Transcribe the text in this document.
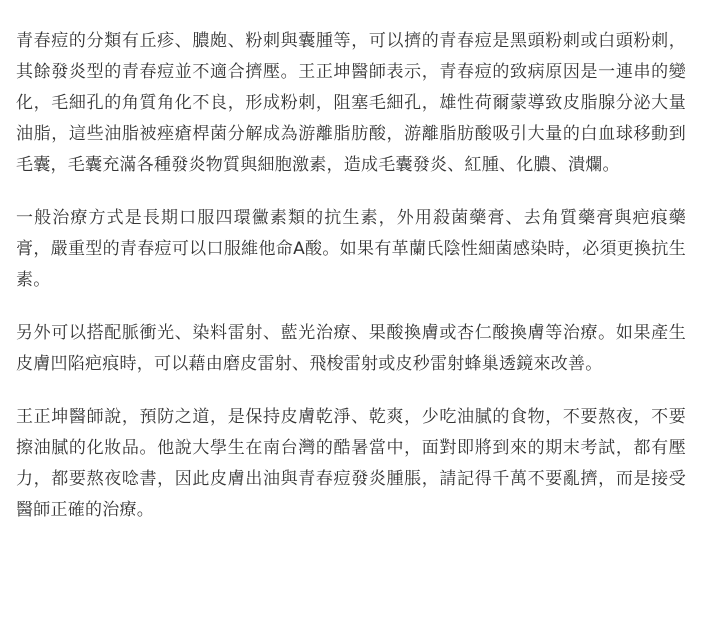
青春痘的分類有丘疹、膿皰、粉刺與囊腫等，可以擠的青春痘是黑頭粉刺或白頭粉刺，其餘發炎型的青春痘並不適合擠壓。王正坤醫師表示，青春痘的致病原因是一連串的變化，毛細孔的角質角化不良，形成粉刺，阻塞毛細孔，雄性荷爾蒙導致皮脂腺分泌大量油脂，這些油脂被痤瘡桿菌分解成為游離脂肪酸，游離脂肪酸吸引大量的白血球移動到毛囊，毛囊充滿各種發炎物質與細胞激素，造成毛囊發炎、紅腫、化膿、潰爛。

一般治療方式是長期口服四環黴素類的抗生素，外用殺菌藥膏、去角質藥膏與疤痕藥膏，嚴重型的青春痘可以口服維他命A酸。如果有革蘭氏陰性細菌感染時，必須更換抗生素。

另外可以搭配脈衝光、染料雷射、藍光治療、果酸換膚或杏仁酸換膚等治療。如果產生皮膚凹陷疤痕時，可以藉由磨皮雷射、飛梭雷射或皮秒雷射蜂巢透鏡來改善。

王正坤醫師說，預防之道，是保持皮膚乾淨、乾爽，少吃油膩的食物，不要熬夜，不要擦油膩的化妝品。他說大學生在南台灣的酷暑當中，面對即將到來的期末考試，都有壓力，都要熬夜唸書，因此皮膚出油與青春痘發炎腫脹，請記得千萬不要亂擠，而是接受醫師正確的治療。
